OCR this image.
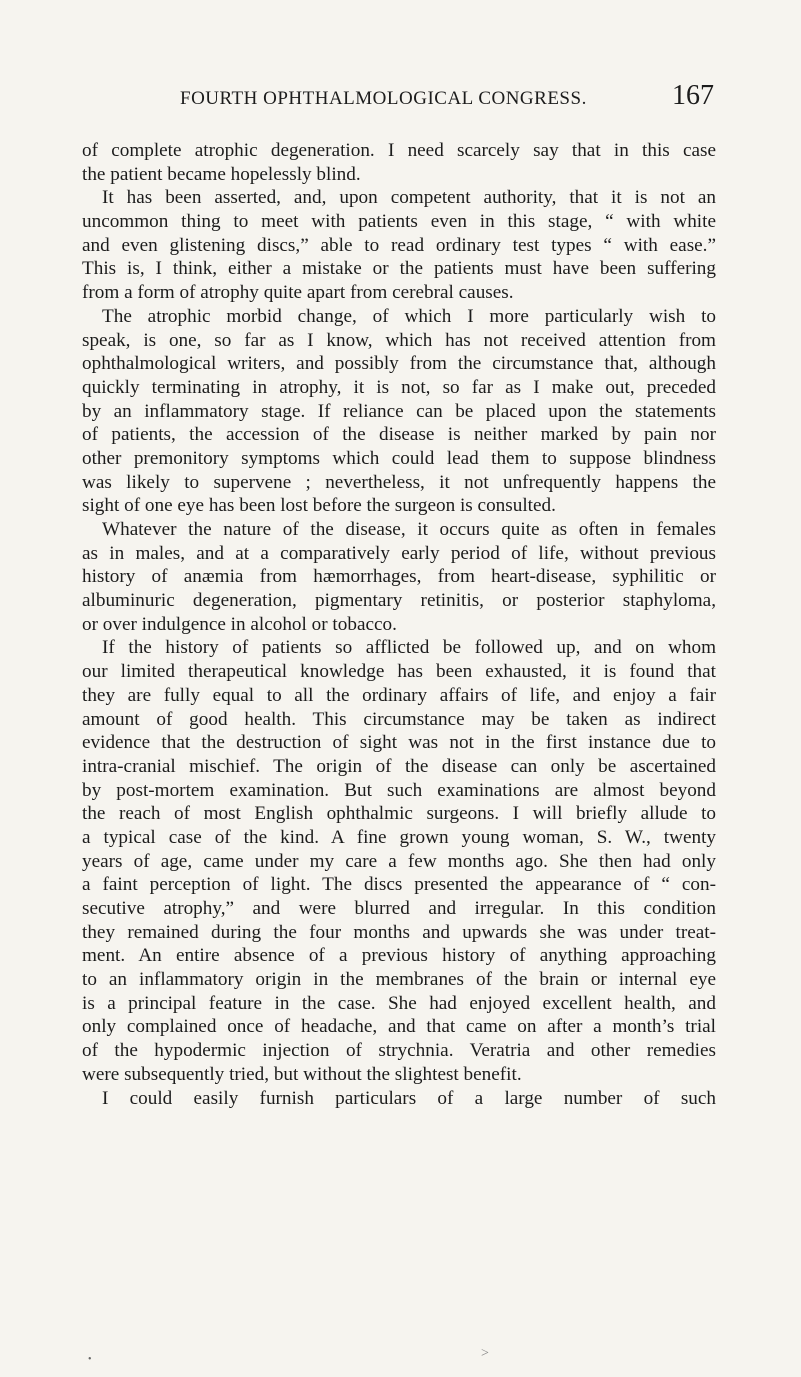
FOURTH OPHTHALMOLOGICAL CONGRESS.	167
of complete atrophic degeneration. I need scarcely say that in this case
the patient became hopelessly blind.
It has been asserted, and, upon competent authority, that it is not an
uncommon thing to meet with patients even in this stage, “ with white
and even glistening discs,” able to read ordinary test types “ with ease.”
This is, I think, either a mistake or the patients must have been suffering
from a form of atrophy quite apart from cerebral causes.
The atrophic morbid change, of which I more particularly wish to
speak, is one, so far as I know, which has not received attention from
ophthalmological writers, and possibly from the circumstance that, although
quickly terminating in atrophy, it is not, so far as I make out, preceded
by an inflammatory stage. If reliance can be placed upon the statements
of patients, the accession of the disease is neither marked by pain nor
other premonitory symptoms which could lead them to suppose blindness
was likely to supervene ; nevertheless, it not unfrequently happens the
sight of one eye has been lost before the surgeon is consulted.
Whatever the nature of the disease, it occurs quite as often in females
as in males, and at a comparatively early period of life, without previous
history of anæmia from hæmorrhages, from heart-disease, syphilitic or
albuminuric degeneration, pigmentary retinitis, or posterior staphyloma,
or over indulgence in alcohol or tobacco.
If the history of patients so afflicted be followed up, and on whom
our limited therapeutical knowledge has been exhausted, it is found that
they are fully equal to all the ordinary affairs of life, and enjoy a fair
amount of good health. This circumstance may be taken as indirect
evidence that the destruction of sight was not in the first instance due to
intra-cranial mischief. The origin of the disease can only be ascertained
by post-mortem examination. But such examinations are almost beyond
the reach of most English ophthalmic surgeons. I will briefly allude to
a typical case of the kind. A fine grown young woman, S. W., twenty
years of age, came under my care a few months ago. She then had only
a faint perception of light. The discs presented the appearance of “ con-
secutive atrophy,” and were blurred and irregular. In this condition
they remained during the four months and upwards she was under treat-
ment. An entire absence of a previous history of anything approaching
to an inflammatory origin in the membranes of the brain or internal eye
is a principal feature in the case. She had enjoyed excellent health, and
only complained once of headache, and that came on after a month’s trial
of the hypodermic injection of strychnia. Veratria and other remedies
were subsequently tried, but without the slightest benefit.
I could easily furnish particulars of a large number of such
•	>
